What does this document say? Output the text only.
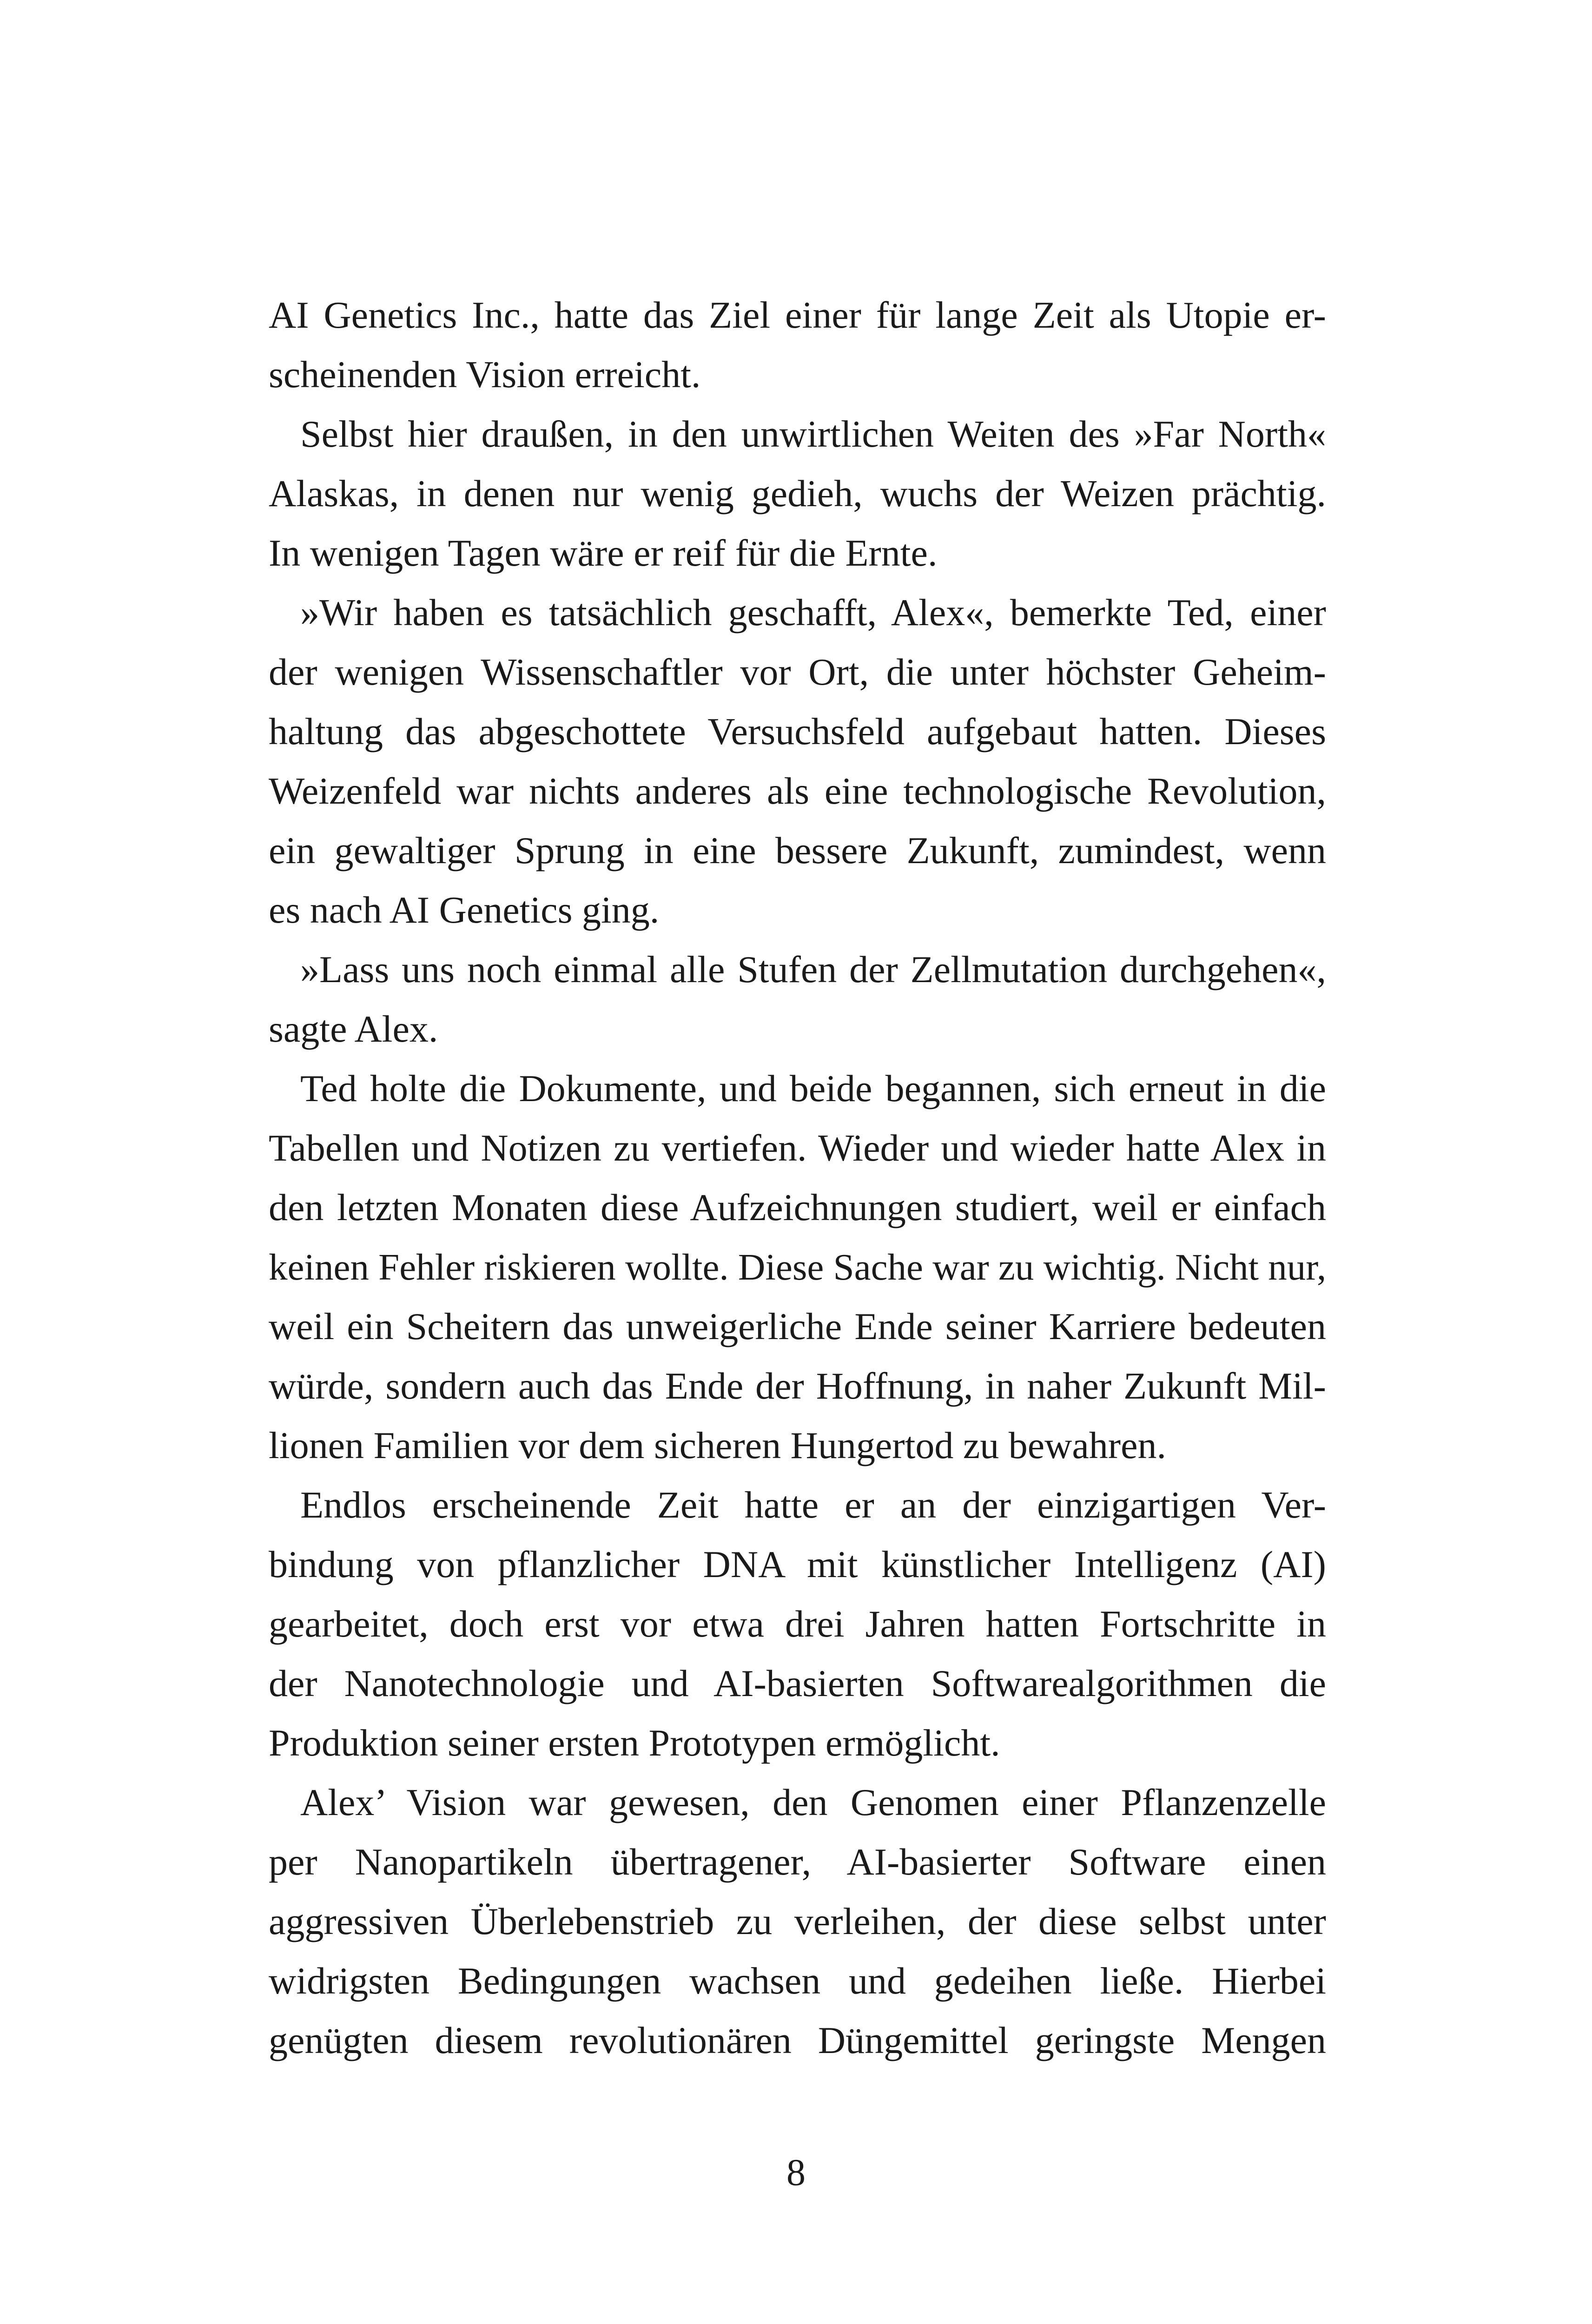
AI Genetics Inc., hatte das Ziel einer für lange Zeit als Utopie er-
scheinenden Vision erreicht.
Selbst hier draußen, in den unwirtlichen Weiten des »Far North«
Alaskas, in denen nur wenig gedieh, wuchs der Weizen prächtig.
In wenigen Tagen wäre er reif für die Ernte.
»Wir haben es tatsächlich geschafft, Alex«, bemerkte Ted, einer
der wenigen Wissenschaftler vor Ort, die unter höchster Geheim-
haltung das abgeschottete Versuchsfeld aufgebaut hatten. Dieses
Weizenfeld war nichts anderes als eine technologische Revolution,
ein gewaltiger Sprung in eine bessere Zukunft, zumindest, wenn
es nach AI Genetics ging.
»Lass uns noch einmal alle Stufen der Zellmutation durchgehen«,
sagte Alex.
Ted holte die Dokumente, und beide begannen, sich erneut in die
Tabellen und Notizen zu vertiefen. Wieder und wieder hatte Alex in
den letzten Monaten diese Aufzeichnungen studiert, weil er einfach
keinen Fehler riskieren wollte. Diese Sache war zu wichtig. Nicht nur,
weil ein Scheitern das unweigerliche Ende seiner Karriere bedeuten
würde, sondern auch das Ende der Hoffnung, in naher Zukunft Mil-
lionen Familien vor dem sicheren Hungertod zu bewahren.
Endlos erscheinende Zeit hatte er an der einzigartigen Ver-
bindung von pflanzlicher DNA mit künstlicher Intelligenz (AI)
gearbeitet, doch erst vor etwa drei Jahren hatten Fortschritte in
der Nanotechnologie und AI-basierten Softwarealgorithmen die
Produktion seiner ersten Prototypen ermöglicht.
Alex’ Vision war gewesen, den Genomen einer Pflanzenzelle
per Nanopartikeln übertragener, AI-basierter Software einen
aggressiven Überlebenstrieb zu verleihen, der diese selbst unter
widrigsten Bedingungen wachsen und gedeihen ließe. Hierbei
genügten diesem revolutionären Düngemittel geringste Mengen
8
